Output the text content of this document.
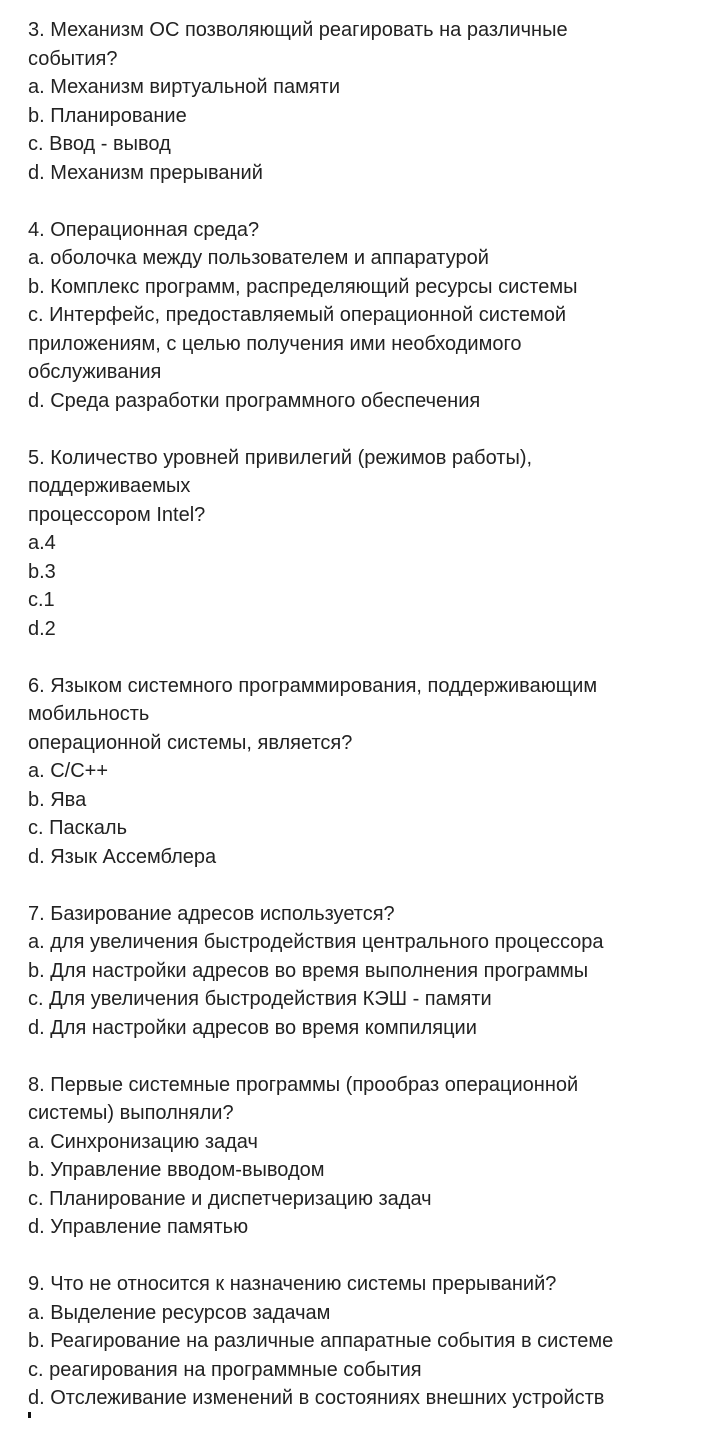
3. Механизм ОС позволяющий реагировать на различные
события?
a. Механизм виртуальной памяти
b. Планирование
c. Ввод - вывод
d. Механизм прерываний
4. Операционная среда?
a. оболочка между пользователем и аппаратурой
b. Комплекс программ, распределяющий ресурсы системы
c. Интерфейс, предоставляемый операционной системой
приложениям, с целью получения ими необходимого
обслуживания
d. Среда разработки программного обеспечения
5. Количество уровней привилегий (режимов работы),
поддерживаемых
процессором Intel?
a.4
b.3
c.1
d.2
6. Языком системного программирования, поддерживающим
мобильность
операционной системы, является?
a. C/C++
b. Ява
c. Паскаль
d. Язык Ассемблера
7. Базирование адресов используется?
a. для увеличения быстродействия центрального процессора
b. Для настройки адресов во время выполнения программы
c. Для увеличения быстродействия КЭШ - памяти
d. Для настройки адресов во время компиляции
8. Первые системные программы (прообраз операционной
системы) выполняли?
a. Синхронизацию задач
b. Управление вводом-выводом
c. Планирование и диспетчеризацию задач
d. Управление памятью
9. Что не относится к назначению системы прерываний?
a. Выделение ресурсов задачам
b. Реагирование на различные аппаратные события в системе
c. реагирования на программные события
d. Отслеживание изменений в состояниях внешних устройств
